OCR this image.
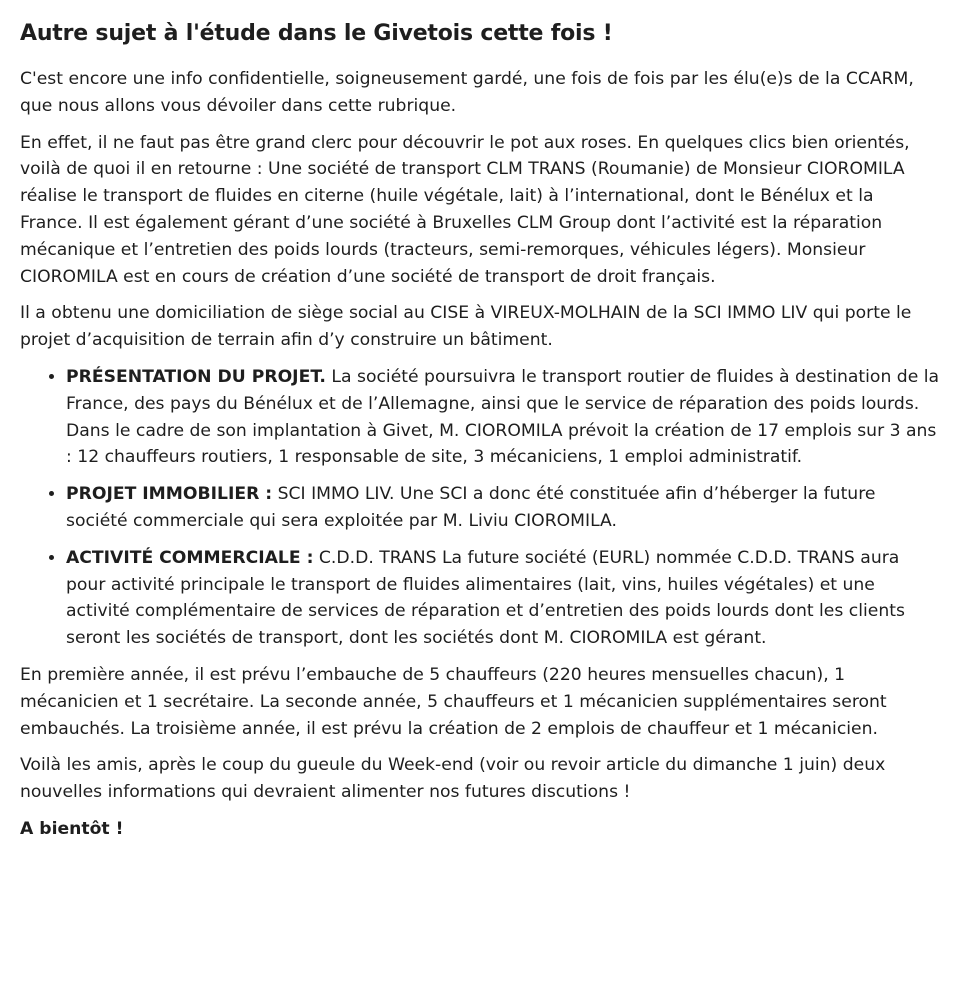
Autre sujet à l'étude dans le Givetois cette fois !

C'est encore une info confidentielle, soigneusement gardé, une fois de fois par les élu(e)s de la CCARM, que nous allons vous dévoiler dans cette rubrique.

En effet, il ne faut pas être grand clerc pour découvrir le pot aux roses. En quelques clics bien orientés, voilà de quoi il en retourne : Une société de transport CLM TRANS (Roumanie) de Monsieur CIOROMILA réalise le transport de fluides en citerne (huile végétale, lait) à l’international, dont le Bénélux et la France. Il est également gérant d’une société à Bruxelles CLM Group dont l’activité est la réparation mécanique et l’entretien des poids lourds (tracteurs, semi-remorques, véhicules légers). Monsieur CIOROMILA est en cours de création d’une société de transport de droit français.

Il a obtenu une domiciliation de siège social au CISE à VIREUX-MOLHAIN de la SCI IMMO LIV qui porte le projet d’acquisition de terrain afin d’y construire un bâtiment.

• PRÉSENTATION DU PROJET. La société poursuivra le transport routier de fluides à destination de la France, des pays du Bénélux et de l’Allemagne, ainsi que le service de réparation des poids lourds. Dans le cadre de son implantation à Givet, M. CIOROMILA prévoit la création de 17 emplois sur 3 ans : 12 chauffeurs routiers, 1 responsable de site, 3 mécaniciens, 1 emploi administratif.
• PROJET IMMOBILIER : SCI IMMO LIV. Une SCI a donc été constituée afin d’héberger la future société commerciale qui sera exploitée par M. Liviu CIOROMILA.
• ACTIVITÉ COMMERCIALE : C.D.D. TRANS La future société (EURL) nommée C.D.D. TRANS aura pour activité principale le transport de fluides alimentaires (lait, vins, huiles végétales) et une activité complémentaire de services de réparation et d’entretien des poids lourds dont les clients seront les sociétés de transport, dont les sociétés dont M. CIOROMILA est gérant.

En première année, il est prévu l’embauche de 5 chauffeurs (220 heures mensuelles chacun), 1 mécanicien et 1 secrétaire. La seconde année, 5 chauffeurs et 1 mécanicien supplémentaires seront embauchés. La troisième année, il est prévu la création de 2 emplois de chauffeur et 1 mécanicien.

Voilà les amis, après le coup du gueule du Week-end (voir ou revoir article du dimanche 1 juin) deux nouvelles informations qui devraient alimenter nos futures discutions !

A bientôt !
